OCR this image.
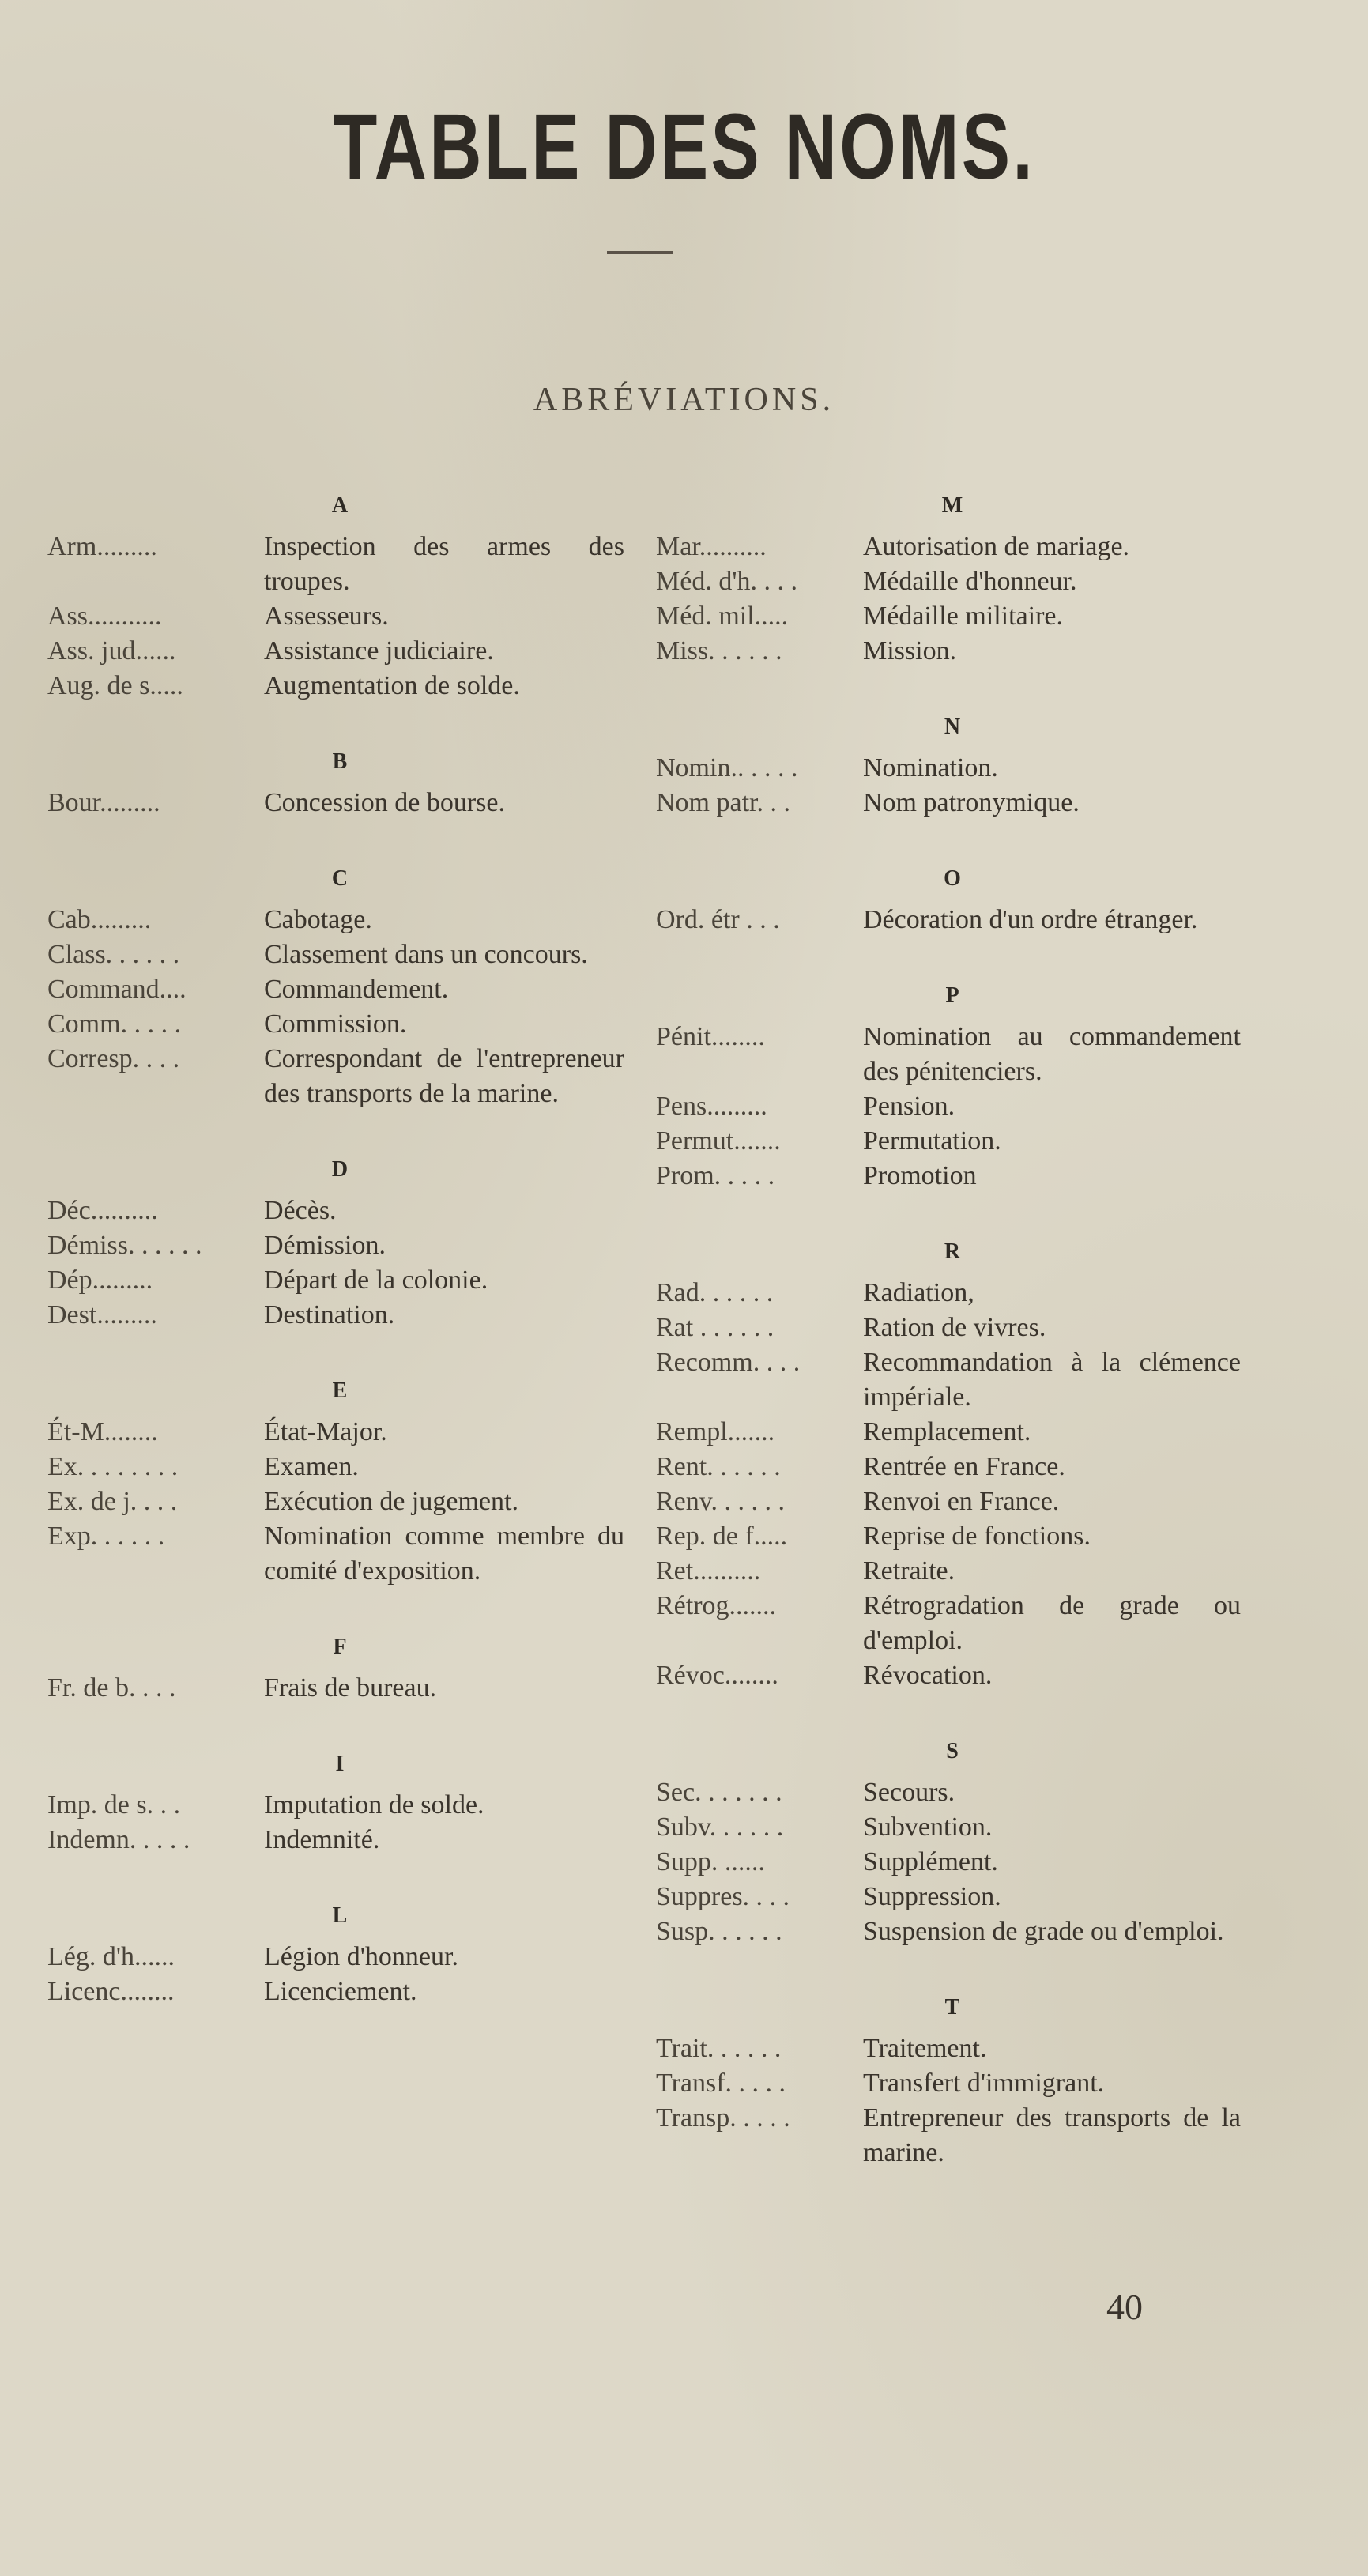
TABLE DES NOMS.
ABRÉVIATIONS.
A
Arm.........	Inspection des armes des troupes.
Ass...........	Assesseurs.
Ass. jud......	Assistance judiciaire.
Aug. de s.....	Augmentation de solde.
B
Bour.........	Concession de bourse.
C
Cab.........	Cabotage.
Class. . . . . .	Classement dans un concours.
Command....	Commandement.
Comm. . . . .	Commission.
Corresp. . . .	Correspondant de l'entrepreneur des transports de la marine.
D
Déc..........	Décès.
Démiss. . . . . .	Démission.
Dép.........	Départ de la colonie.
Dest.........	Destination.
E
Ét-M........	État-Major.
Ex. . . . . . . .	Examen.
Ex. de j. . . .	Exécution de jugement.
Exp. . . . . .	Nomination comme membre du comité d'exposition.
F
Fr. de b. . . .	Frais de bureau.
I
Imp. de s. . .	Imputation de solde.
Indemn. . . . .	Indemnité.
L
Lég. d'h......	Légion d'honneur.
Licenc........	Licenciement.
M
Mar..........	Autorisation de mariage.
Méd. d'h. . . .	Médaille d'honneur.
Méd. mil.....	Médaille militaire.
Miss. . . . . .	Mission.
N
Nomin.. . . . .	Nomination.
Nom patr. . .	Nom patronymique.
O
Ord. étr . . .	Décoration d'un ordre étranger.
P
Pénit........	Nomination au commandement des pénitenciers.
Pens.........	Pension.
Permut.......	Permutation.
Prom. . . . .	Promotion
R
Rad. . . . . .	Radiation,
Rat . . . . . .	Ration de vivres.
Recomm. . . .	Recommandation à la clémence impériale.
Rempl.......	Remplacement.
Rent. . . . . .	Rentrée en France.
Renv. . . . . .	Renvoi en France.
Rep. de f.....	Reprise de fonctions.
Ret..........	Retraite.
Rétrog.......	Rétrogradation de grade ou d'emploi.
Révoc........	Révocation.
S
Sec. . . . . . .	Secours.
Subv. . . . . .	Subvention.
Supp. ......	Supplément.
Suppres. . . .	Suppression.
Susp. . . . . .	Suspension de grade ou d'emploi.
T
Trait. . . . . .	Traitement.
Transf. . . . .	Transfert d'immigrant.
Transp. . . . .	Entrepreneur des transports de la marine.
40
